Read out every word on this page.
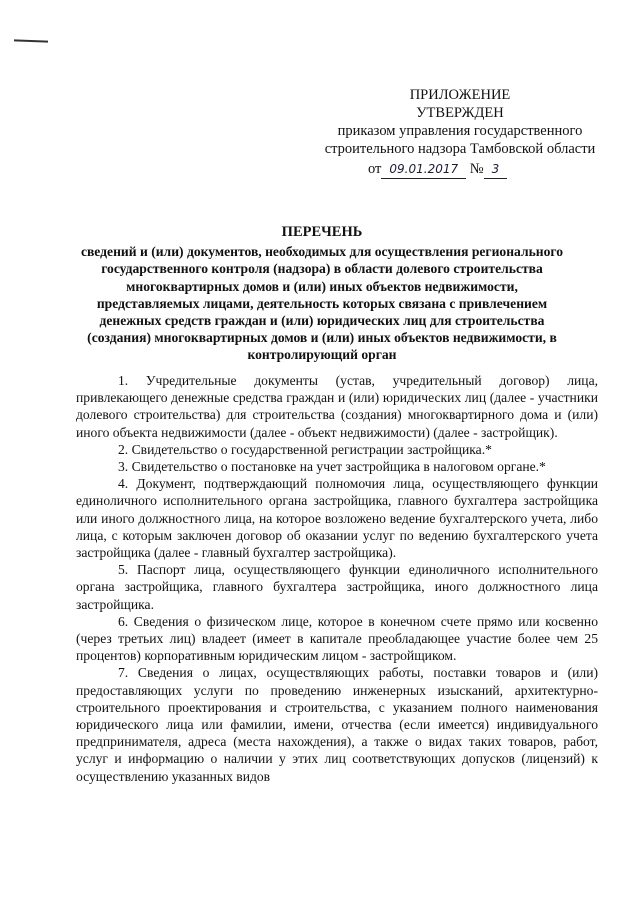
ПРИЛОЖЕНИЕ
УТВЕРЖДЕН
приказом управления государственного
строительного надзора Тамбовской области
от 09.01.2017 № 3
ПЕРЕЧЕНЬ
сведений и (или) документов, необходимых для осуществления регионального государственного контроля (надзора) в области долевого строительства многоквартирных домов и (или) иных объектов недвижимости, представляемых лицами, деятельность которых связана с привлечением денежных средств граждан и (или) юридических лиц для строительства (создания) многоквартирных домов и (или) иных объектов недвижимости, в контролирующий орган

1. Учредительные документы (устав, учредительный договор) лица, привлекающего денежные средства граждан и (или) юридических лиц (далее - участники долевого строительства) для строительства (создания) многоквартирного дома и (или) иного объекта недвижимости (далее - объект недвижимости) (далее - застройщик).

2. Свидетельство о государственной регистрации застройщика.*

3. Свидетельство о постановке на учет застройщика в налоговом органе.*

4. Документ, подтверждающий полномочия лица, осуществляющего функции единоличного исполнительного органа застройщика, главного бухгалтера застройщика или иного должностного лица, на которое возложено ведение бухгалтерского учета, либо лица, с которым заключен договор об оказании услуг по ведению бухгалтерского учета застройщика (далее - главный бухгалтер застройщика).

5. Паспорт лица, осуществляющего функции единоличного исполнительного органа застройщика, главного бухгалтера застройщика, иного должностного лица застройщика.

6. Сведения о физическом лице, которое в конечном счете прямо или косвенно (через третьих лиц) владеет (имеет в капитале преобладающее участие более чем 25 процентов) корпоративным юридическим лицом - застройщиком.

7. Сведения о лицах, осуществляющих работы, поставки товаров и (или) предоставляющих услуги по проведению инженерных изысканий, архитектурно-строительного проектирования и строительства, с указанием полного наименования юридического лица или фамилии, имени, отчества (если имеется) индивидуального предпринимателя, адреса (места нахождения), а также о видах таких товаров, работ, услуг и информацию о наличии у этих лиц соответствующих допусков (лицензий) к осуществлению указанных видов
